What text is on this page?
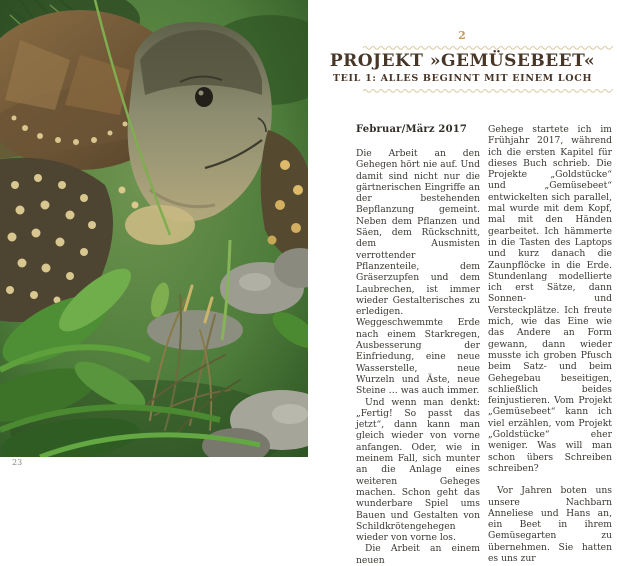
23
2
PROJEKT »GEMÜSEBEET«
TEIL 1: ALLES BEGINNT MIT EINEM LOCH
Februar/März 2017

Die Arbeit an den Gehegen hört nie auf. Und damit sind nicht nur die gärtnerischen Eingriffe an der bestehenden Bepflanzung gemeint. Neben dem Pflanzen und Säen, dem Rückschnitt, dem Ausmisten verrottender Pflanzenteile, dem Gräserzupfen und dem Laubrechen, ist immer wieder Gestalterisches zu erledigen. Weggeschwemmte Erde nach einem Starkregen, Ausbesserung der Einfriedung, eine neue Wasserstelle, neue Wurzeln und Äste, neue Steine … was auch immer.

Und wenn man denkt: „Fertig! So passt das jetzt“, dann kann man gleich wieder von vorne anfangen. Oder, wie in meinem Fall, sich munter an die Anlage eines weiteren Geheges machen. Schon geht das wunderbare Spiel ums Bauen und Gestalten von Schildkrötengehegen wieder von vorne los.

Die Arbeit an einem neuen

Gehege startete ich im Frühjahr 2017, während ich die ersten Kapitel für dieses Buch schrieb. Die Projekte „Goldstücke“ und „Gemüsebeet“ entwickelten sich parallel, mal wurde mit dem Kopf, mal mit den Händen gearbeitet. Ich hämmerte in die Tasten des Laptops und kurz danach die Zaunpflöcke in die Erde. Stundenlang modellierte ich erst Sätze, dann Sonnen- und Versteckplätze. Ich freute mich, wie das Eine wie das Andere an Form gewann, dann wieder musste ich groben Pfusch beim Satz- und beim Gehegebau beseitigen, schließlich beides feinjustieren. Vom Projekt „Gemüsebeet“ kann ich viel erzählen, vom Projekt „Goldstücke“ eher weniger. Was will man schon übers Schreiben schreiben?

Vor Jahren boten uns unsere Nachbarn Anneliese und Hans an, ein Beet in ihrem Gemüsegarten zu übernehmen. Sie hatten es uns zur
